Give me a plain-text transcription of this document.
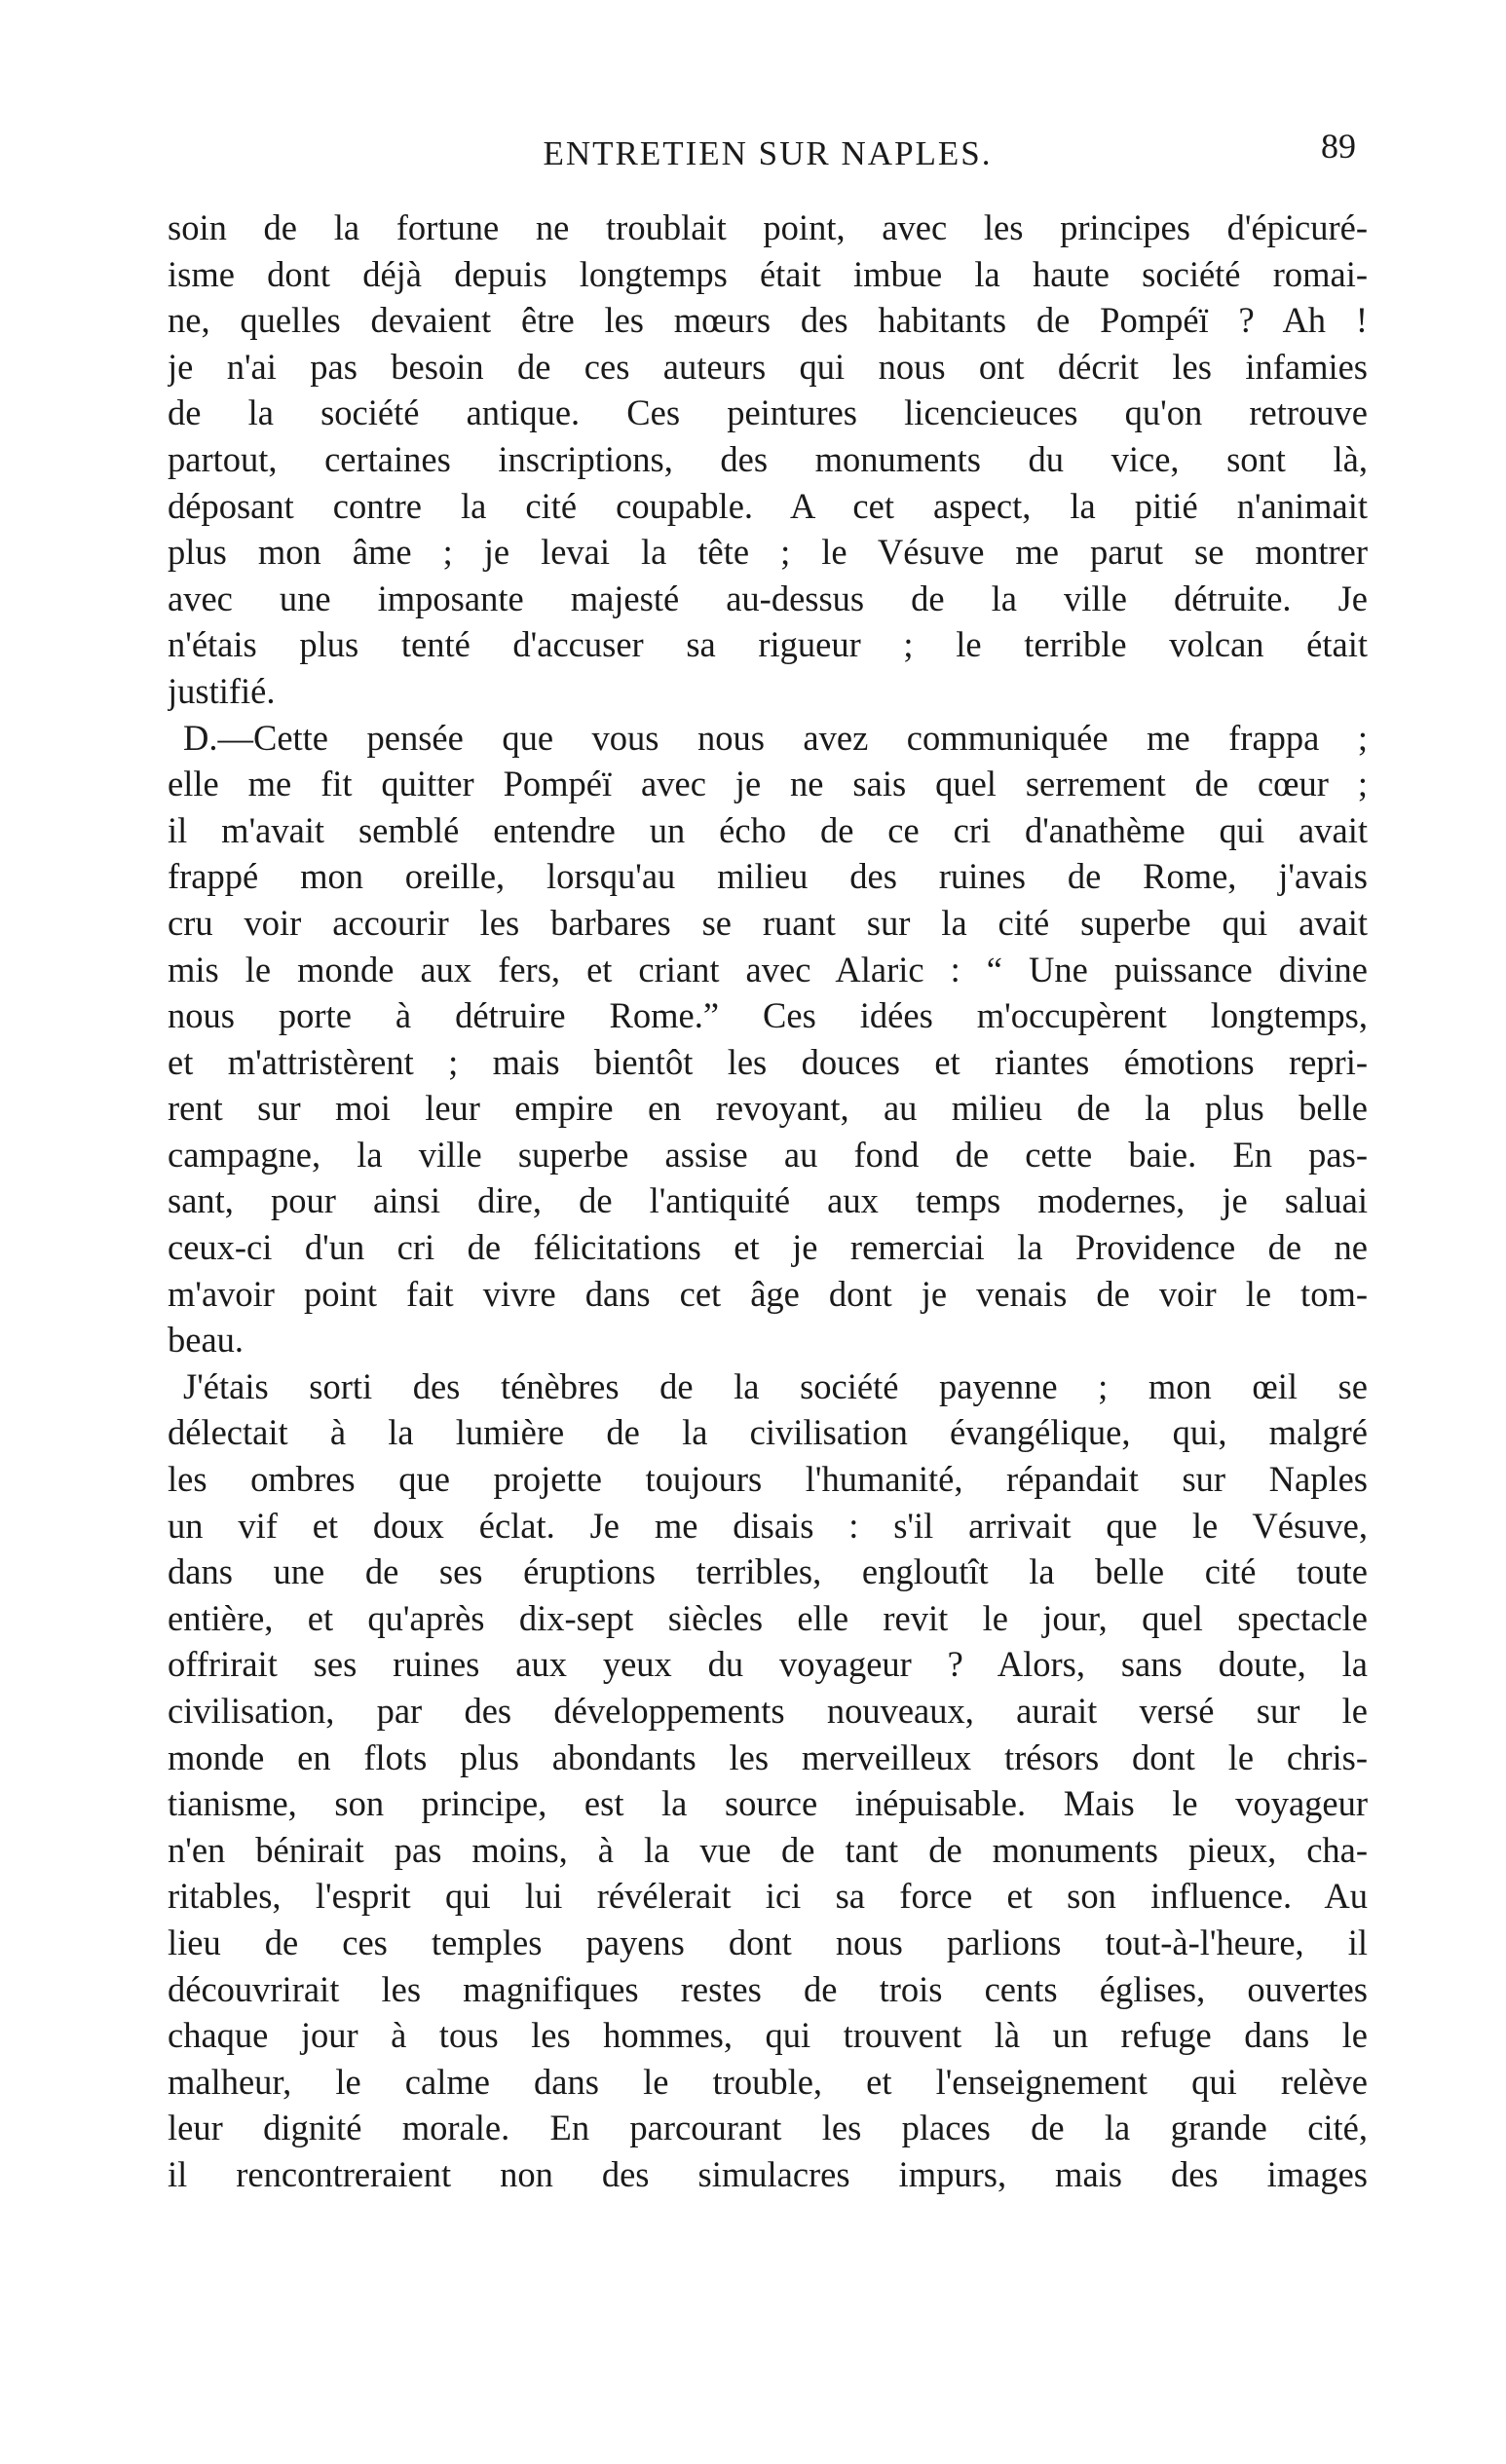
ENTRETIEN SUR NAPLES.	89
soin de la fortune ne troublait point, avec les principes d'épicuré-
isme dont déjà depuis longtemps était imbue la haute société romai-
ne, quelles devaient être les mœurs des habitants de Pompéï ? Ah !
je n'ai pas besoin de ces auteurs qui nous ont décrit les infamies
de la société antique. Ces peintures licencieuces qu'on retrouve
partout, certaines inscriptions, des monuments du vice, sont là,
déposant contre la cité coupable. A cet aspect, la pitié n'animait
plus mon âme ; je levai la tête ; le Vésuve me parut se montrer
avec une imposante majesté au-dessus de la ville détruite. Je
n'étais plus tenté d'accuser sa rigueur ; le terrible volcan était
justifié.
D.—Cette pensée que vous nous avez communiquée me frappa ;
elle me fit quitter Pompéï avec je ne sais quel serrement de cœur ;
il m'avait semblé entendre un écho de ce cri d'anathème qui avait
frappé mon oreille, lorsqu'au milieu des ruines de Rome, j'avais
cru voir accourir les barbares se ruant sur la cité superbe qui avait
mis le monde aux fers, et criant avec Alaric : “ Une puissance divine
nous porte à détruire Rome.” Ces idées m'occupèrent longtemps,
et m'attristèrent ; mais bientôt les douces et riantes émotions repri-
rent sur moi leur empire en revoyant, au milieu de la plus belle
campagne, la ville superbe assise au fond de cette baie. En pas-
sant, pour ainsi dire, de l'antiquité aux temps modernes, je saluai
ceux-ci d'un cri de félicitations et je remerciai la Providence de ne
m'avoir point fait vivre dans cet âge dont je venais de voir le tom-
beau.
J'étais sorti des ténèbres de la société payenne ; mon œil se
délectait à la lumière de la civilisation évangélique, qui, malgré
les ombres que projette toujours l'humanité, répandait sur Naples
un vif et doux éclat. Je me disais : s'il arrivait que le Vésuve,
dans une de ses éruptions terribles, engloutît la belle cité toute
entière, et qu'après dix-sept siècles elle revit le jour, quel spectacle
offrirait ses ruines aux yeux du voyageur ? Alors, sans doute, la
civilisation, par des développements nouveaux, aurait versé sur le
monde en flots plus abondants les merveilleux trésors dont le chris-
tianisme, son principe, est la source inépuisable. Mais le voyageur
n'en bénirait pas moins, à la vue de tant de monuments pieux, cha-
ritables, l'esprit qui lui révélerait ici sa force et son influence. Au
lieu de ces temples payens dont nous parlions tout-à-l'heure, il
découvrirait les magnifiques restes de trois cents églises, ouvertes
chaque jour à tous les hommes, qui trouvent là un refuge dans le
malheur, le calme dans le trouble, et l'enseignement qui relève
leur dignité morale. En parcourant les places de la grande cité,
il rencontreraient non des simulacres impurs, mais des images
